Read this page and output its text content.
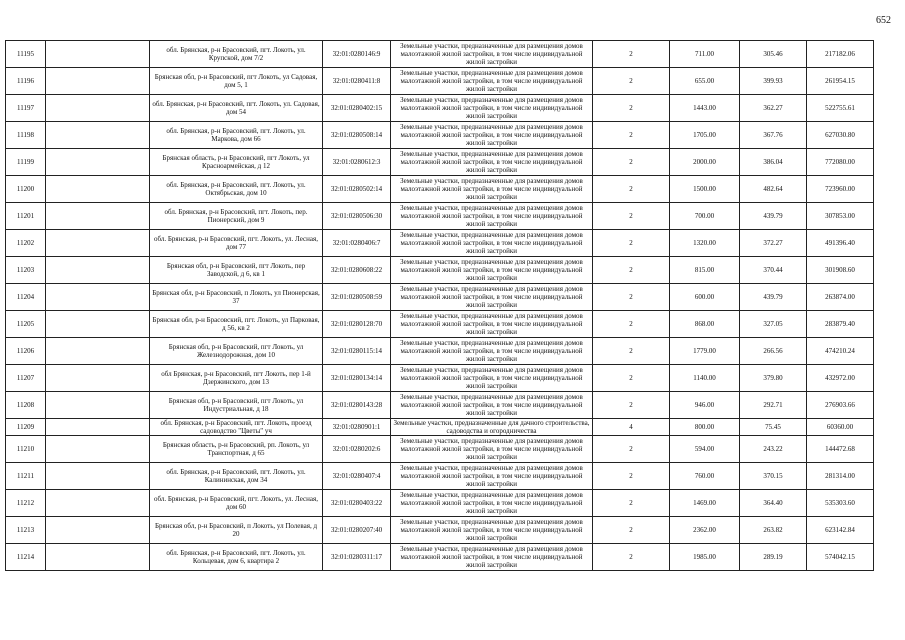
652
11195		обл. Брянская, р-н Брасовский, пгт. Локоть, ул. Крупской, дом 7/2	32:01:0280146:9	Земельные участки, предназначенные для размещения домов малоэтажной жилой застройки, в том числе индивидуальной жилой застройки	2	711.00	305.46	217182.06
11196		Брянская обл, р-н Брасовский, пгт Локоть, ул Садовая, дом 5, 1	32:01:0280411:8	Земельные участки, предназначенные для размещения домов малоэтажной жилой застройки, в том числе индивидуальной жилой застройки	2	655.00	399.93	261954.15
11197		обл. Брянская, р-н Брасовский, пгт. Локоть, ул. Садовая, дом 54	32:01:0280402:15	Земельные участки, предназначенные для размещения домов малоэтажной жилой застройки, в том числе индивидуальной жилой застройки	2	1443.00	362.27	522755.61
11198		обл. Брянская, р-н Брасовский, пгт. Локоть, ул. Маркова, дом 66	32:01:0280508:14	Земельные участки, предназначенные для размещения домов малоэтажной жилой застройки, в том числе индивидуальной жилой застройки	2	1705.00	367.76	627030.80
11199		Брянская область, р-н Брасовский, пгт Локоть, ул Красноармейская, д 12	32:01:0280612:3	Земельные участки, предназначенные для размещения домов малоэтажной жилой застройки, в том числе индивидуальной жилой застройки	2	2000.00	386.04	772080.00
11200		обл. Брянская, р-н Брасовский, пгт. Локоть, ул. Октябрьская, дом 10	32:01:0280502:14	Земельные участки, предназначенные для размещения домов малоэтажной жилой застройки, в том числе индивидуальной жилой застройки	2	1500.00	482.64	723960.00
11201		обл. Брянская, р-н Брасовский, пгт. Локоть, пер. Пионерский, дом 9	32:01:0280506:30	Земельные участки, предназначенные для размещения домов малоэтажной жилой застройки, в том числе индивидуальной жилой застройки	2	700.00	439.79	307853.00
11202		обл. Брянская, р-н Брасовский, пгт. Локоть, ул. Лесная, дом 77	32:01:0280406:7	Земельные участки, предназначенные для размещения домов малоэтажной жилой застройки, в том числе индивидуальной жилой застройки	2	1320.00	372.27	491396.40
11203		Брянская обл, р-н Брасовский, пгт Локоть, пер Заводской, д 6, кв 1	32:01:0280608:22	Земельные участки, предназначенные для размещения домов малоэтажной жилой застройки, в том числе индивидуальной жилой застройки	2	815.00	370.44	301908.60
11204		Брянская обл, р-н Брасовский, п Локоть, ул Пионерская, 37	32:01:0280508:59	Земельные участки, предназначенные для размещения домов малоэтажной жилой застройки, в том числе индивидуальной жилой застройки	2	600.00	439.79	263874.00
11205		Брянская обл, р-н Брасовский, пгт. Локоть, ул Парковая, д 56, кв 2	32:01:0280128:70	Земельные участки, предназначенные для размещения домов малоэтажной жилой застройки, в том числе индивидуальной жилой застройки	2	868.00	327.05	283879.40
11206		Брянская обл, р-н Брасовский, пгт Локоть, ул Железнодорожная, дом 10	32:01:0280115:14	Земельные участки, предназначенные для размещения домов малоэтажной жилой застройки, в том числе индивидуальной жилой застройки	2	1779.00	266.56	474210.24
11207		обл Брянская, р-н Брасовский, пгт Локоть, пер 1-й Дзержинского, дом 13	32:01:0280134:14	Земельные участки, предназначенные для размещения домов малоэтажной жилой застройки, в том числе индивидуальной жилой застройки	2	1140.00	379.80	432972.00
11208		Брянская обл, р-н Брасовский, пгт Локоть, ул Индустриальная, д 18	32:01:0280143:28	Земельные участки, предназначенные для размещения домов малоэтажной жилой застройки, в том числе индивидуальной жилой застройки	2	946.00	292.71	276903.66
11209		обл. Брянская, р-н Брасовский, пгт. Локоть, проезд садоводство "Цветы" уч	32:01:0280901:1	Земельные участки, предназначенные для дачного строительства, садоводства и огородничества	4	800.00	75.45	60360.00
11210		Брянская область, р-н Брасовский, рп. Локоть, ул Транспортная, д 65	32:01:0280202:6	Земельные участки, предназначенные для размещения домов малоэтажной жилой застройки, в том числе индивидуальной жилой застройки	2	594.00	243.22	144472.68
11211		обл. Брянская, р-н Брасовский, пгт. Локоть, ул. Калининская, дом 34	32:01:0280407:4	Земельные участки, предназначенные для размещения домов малоэтажной жилой застройки, в том числе индивидуальной жилой застройки	2	760.00	370.15	281314.00
11212		обл. Брянская, р-н Брасовский, пгт. Локоть, ул. Лесная, дом 60	32:01:0280403:22	Земельные участки, предназначенные для размещения домов малоэтажной жилой застройки, в том числе индивидуальной жилой застройки	2	1469.00	364.40	535303.60
11213		Брянская обл, р-н Брасовский, п Локоть, ул Полевая, д 20	32:01:0280207:40	Земельные участки, предназначенные для размещения домов малоэтажной жилой застройки, в том числе индивидуальной жилой застройки	2	2362.00	263.82	623142.84
11214		обл. Брянская, р-н Брасовский, пгт. Локоть, ул. Кольцевая, дом 6, квартира 2	32:01:0280311:17	Земельные участки, предназначенные для размещения домов малоэтажной жилой застройки, в том числе индивидуальной жилой застройки	2	1985.00	289.19	574042.15
